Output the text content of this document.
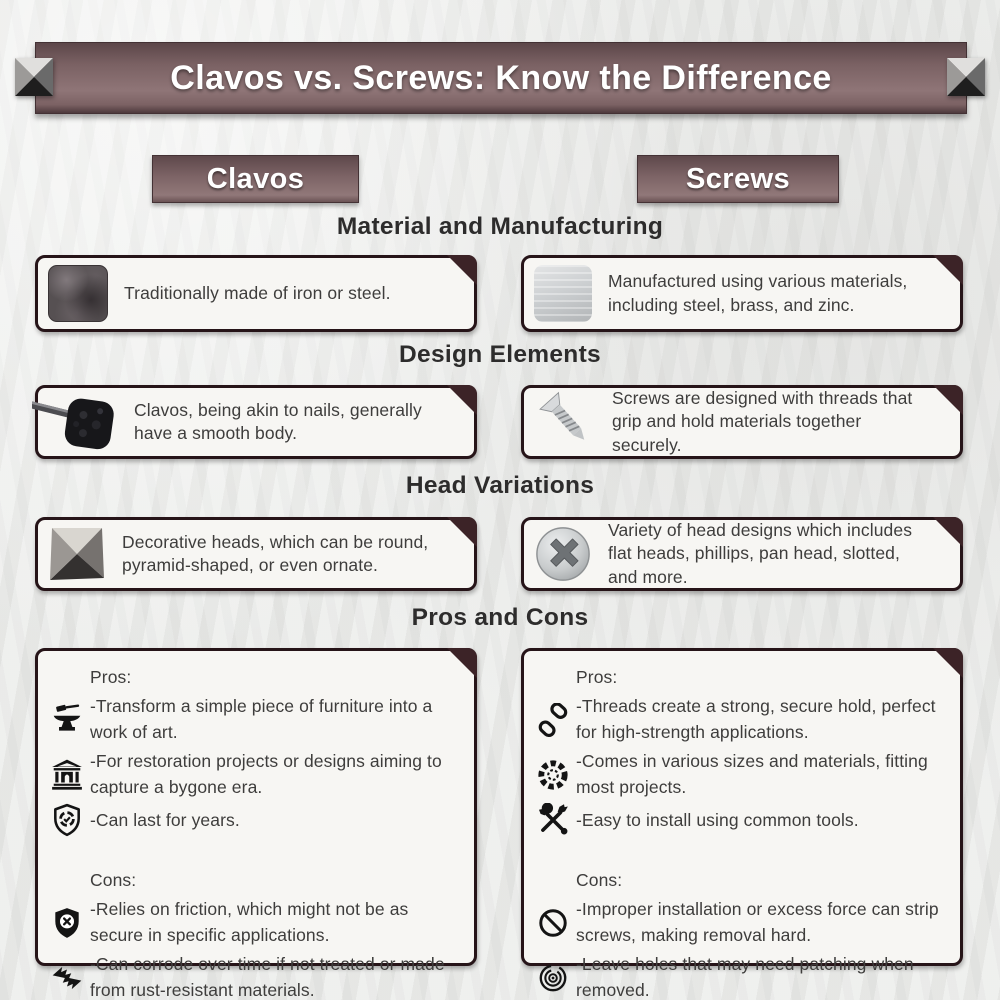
Clavos vs. Screws: Know the Difference
Clavos	Screws
Material and Manufacturing
Traditionally made of iron or steel.
Manufactured using various materials, including steel, brass, and zinc.
Design Elements
Clavos, being akin to nails, generally have a smooth body.
Screws are designed with threads that grip and hold materials together securely.
Head Variations
Decorative heads, which can be round, pyramid-shaped, or even ornate.
Variety of head designs which includes flat heads, phillips, pan head, slotted, and more.
Pros and Cons
Pros:
-Transform a simple piece of furniture into a work of art.
-For restoration projects or designs aiming to capture a bygone era.
-Can last for years.
Cons:
-Relies on friction, which might not be as secure in specific applications.
-Can corrode over time if not treated or made from rust-resistant materials.
Pros:
-Threads create a strong, secure hold, perfect for high-strength applications.
-Comes in various sizes and materials, fitting most projects.
-Easy to install using common tools.
Cons:
-Improper installation or excess force can strip screws, making removal hard.
-Leave holes that may need patching when removed.
